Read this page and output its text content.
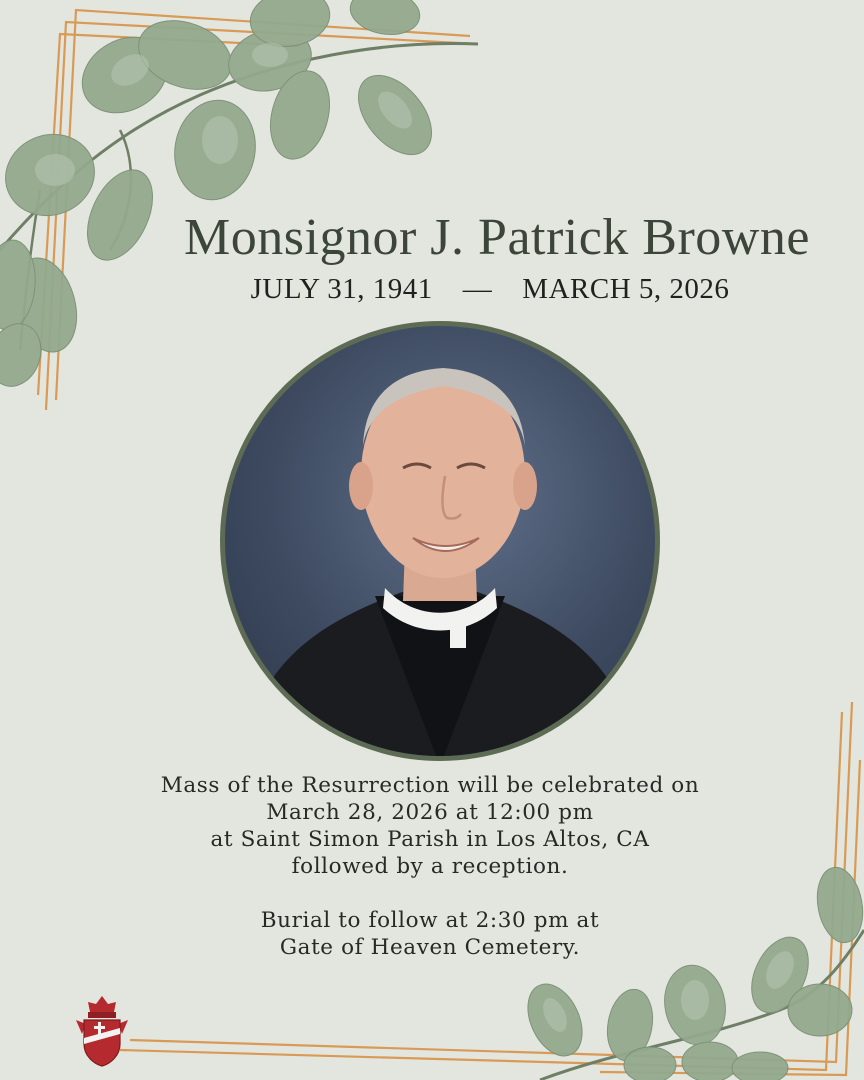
Monsignor J. Patrick Browne
JULY 31, 1941 — MARCH 5, 2026

Mass of the Resurrection will be celebrated on

March 28, 2026 at 12:00 pm

at Saint Simon Parish in Los Altos, CA

followed by a reception.

Burial to follow at 2:30 pm at

Gate of Heaven Cemetery.
